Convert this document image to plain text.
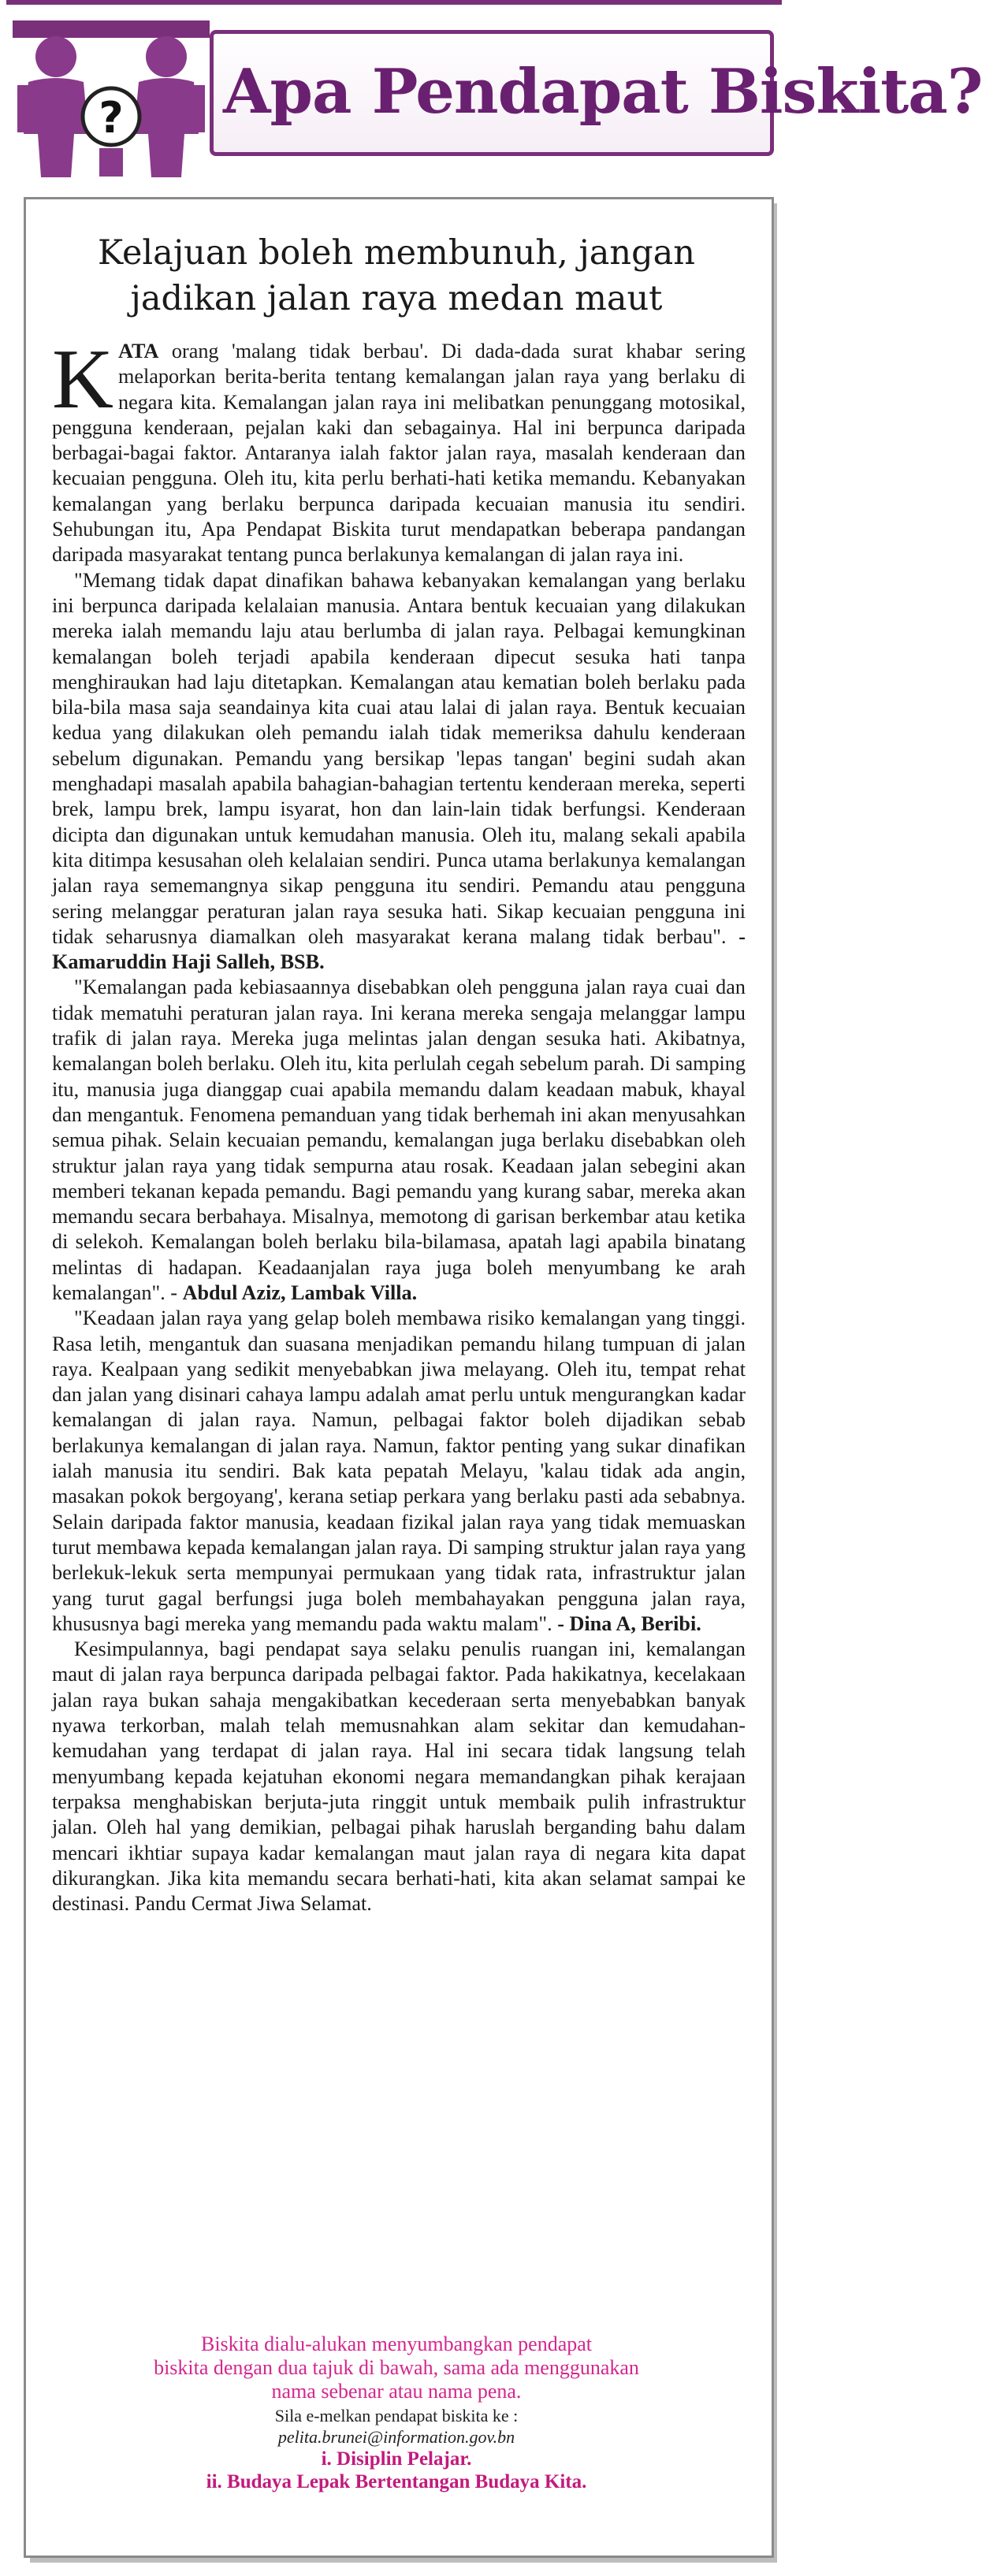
? Apa Pendapat Biskita?
Kelajuan boleh membunuh, jangan
jadikan jalan raya medan maut

KATA orang 'malang tidak berbau'. Di dada-dada surat khabar sering melaporkan berita-berita tentang kemalangan jalan raya yang berlaku di negara kita. Kemalangan jalan raya ini melibatkan penunggang motosikal, pengguna kenderaan, pejalan kaki dan sebagainya. Hal ini berpunca daripada berbagai-bagai faktor. Antaranya ialah faktor jalan raya, masalah kenderaan dan kecuaian pengguna. Oleh itu, kita perlu berhati-hati ketika memandu. Kebanyakan kemalangan yang berlaku berpunca daripada kecuaian manusia itu sendiri. Sehubungan itu, Apa Pendapat Biskita turut mendapatkan beberapa pandangan daripada masyarakat tentang punca berlakunya kemalangan di jalan raya ini.

"Memang tidak dapat dinafikan bahawa kebanyakan kemalangan yang berlaku ini berpunca daripada kelalaian manusia. Antara bentuk kecuaian yang dilakukan mereka ialah memandu laju atau berlumba di jalan raya. Pelbagai kemungkinan kemalangan boleh terjadi apabila kenderaan dipecut sesuka hati tanpa menghiraukan had laju ditetapkan. Kemalangan atau kematian boleh berlaku pada bila-bila masa saja seandainya kita cuai atau lalai di jalan raya. Bentuk kecuaian kedua yang dilakukan oleh pemandu ialah tidak memeriksa dahulu kenderaan sebelum digunakan. Pemandu yang bersikap 'lepas tangan' begini sudah akan menghadapi masalah apabila bahagian-bahagian tertentu kenderaan mereka, seperti brek, lampu brek, lampu isyarat, hon dan lain-lain tidak berfungsi. Kenderaan dicipta dan digunakan untuk kemudahan manusia. Oleh itu, malang sekali apabila kita ditimpa kesusahan oleh kelalaian sendiri. Punca utama berlakunya kemalangan jalan raya sememangnya sikap pengguna itu sendiri. Pemandu atau pengguna sering melanggar peraturan jalan raya sesuka hati. Sikap kecuaian pengguna ini tidak seharusnya diamalkan oleh masyarakat kerana malang tidak berbau". - Kamaruddin Haji Salleh, BSB.

"Kemalangan pada kebiasaannya disebabkan oleh pengguna jalan raya cuai dan tidak mematuhi peraturan jalan raya. Ini kerana mereka sengaja melanggar lampu trafik di jalan raya. Mereka juga melintas jalan dengan sesuka hati. Akibatnya, kemalangan boleh berlaku. Oleh itu, kita perlulah cegah sebelum parah. Di samping itu, manusia juga dianggap cuai apabila memandu dalam keadaan mabuk, khayal dan mengantuk. Fenomena pemanduan yang tidak berhemah ini akan menyusahkan semua pihak. Selain kecuaian pemandu, kemalangan juga berlaku disebabkan oleh struktur jalan raya yang tidak sempurna atau rosak. Keadaan jalan sebegini akan memberi tekanan kepada pemandu. Bagi pemandu yang kurang sabar, mereka akan memandu secara berbahaya. Misalnya, memotong di garisan berkembar atau ketika di selekoh. Kemalangan boleh berlaku bila-bilamasa, apatah lagi apabila binatang melintas di hadapan. Keadaanjalan raya juga boleh menyumbang ke arah kemalangan". - Abdul Aziz, Lambak Villa.

"Keadaan jalan raya yang gelap boleh membawa risiko kemalangan yang tinggi. Rasa letih, mengantuk dan suasana menjadikan pemandu hilang tumpuan di jalan raya. Kealpaan yang sedikit menyebabkan jiwa melayang. Oleh itu, tempat rehat dan jalan yang disinari cahaya lampu adalah amat perlu untuk mengurangkan kadar kemalangan di jalan raya. Namun, pelbagai faktor boleh dijadikan sebab berlakunya kemalangan di jalan raya. Namun, faktor penting yang sukar dinafikan ialah manusia itu sendiri. Bak kata pepatah Melayu, 'kalau tidak ada angin, masakan pokok bergoyang', kerana setiap perkara yang berlaku pasti ada sebabnya. Selain daripada faktor manusia, keadaan fizikal jalan raya yang tidak memuaskan turut membawa kepada kemalangan jalan raya. Di samping struktur jalan raya yang berlekuk-lekuk serta mempunyai permukaan yang tidak rata, infrastruktur jalan yang turut gagal berfungsi juga boleh membahayakan pengguna jalan raya, khususnya bagi mereka yang memandu pada waktu malam". - Dina A, Beribi.

Kesimpulannya, bagi pendapat saya selaku penulis ruangan ini, kemalangan maut di jalan raya berpunca daripada pelbagai faktor. Pada hakikatnya, kecelakaan jalan raya bukan sahaja mengakibatkan kecederaan serta menyebabkan banyak nyawa terkorban, malah telah memusnahkan alam sekitar dan kemudahan-kemudahan yang terdapat di jalan raya. Hal ini secara tidak langsung telah menyumbang kepada kejatuhan ekonomi negara memandangkan pihak kerajaan terpaksa menghabiskan berjuta-juta ringgit untuk membaik pulih infrastruktur jalan. Oleh hal yang demikian, pelbagai pihak haruslah berganding bahu dalam mencari ikhtiar supaya kadar kemalangan maut jalan raya di negara kita dapat dikurangkan. Jika kita memandu secara berhati-hati, kita akan selamat sampai ke destinasi. Pandu Cermat Jiwa Selamat.

Biskita dialu-alukan menyumbangkan pendapat
biskita dengan dua tajuk di bawah, sama ada menggunakan
nama sebenar atau nama pena.
Sila e-melkan pendapat biskita ke :
pelita.brunei@information.gov.bn
i. Disiplin Pelajar.
ii. Budaya Lepak Bertentangan Budaya Kita.
